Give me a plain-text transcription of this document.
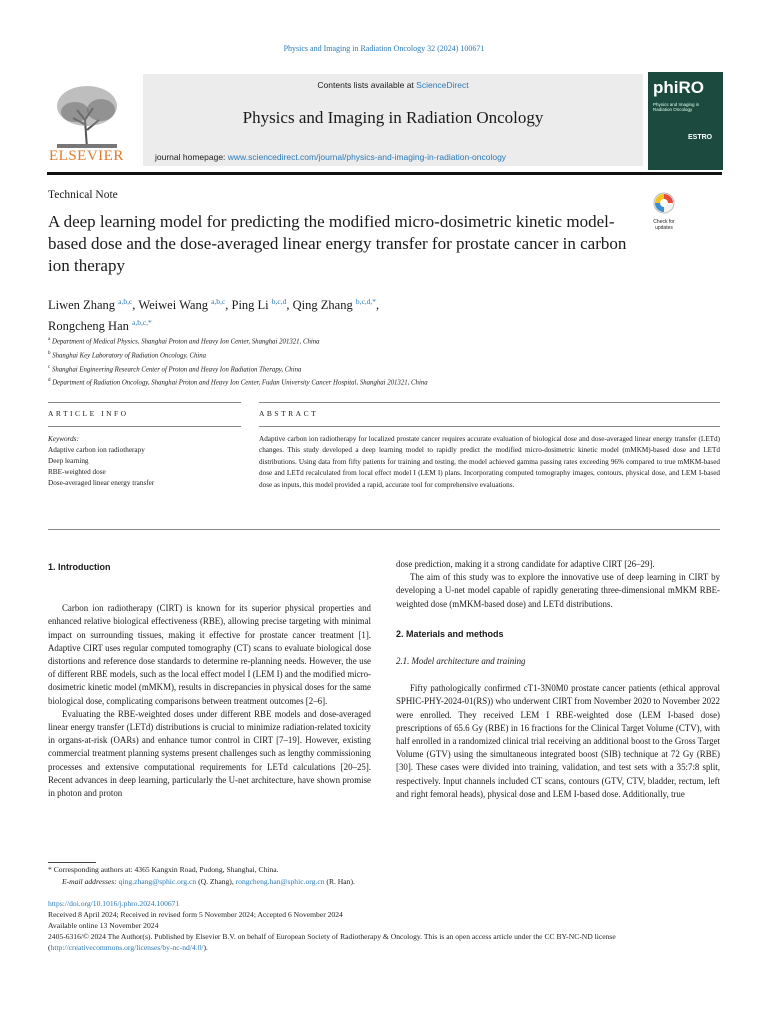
Physics and Imaging in Radiation Oncology 32 (2024) 100671
ELSEVIER
Contents lists available at ScienceDirect
Physics and Imaging in Radiation Oncology
journal homepage: www.sciencedirect.com/journal/physics-and-imaging-in-radiation-oncology
phiRO
Physics and Imaging in Radiation Oncology
ESTRO
Technical Note
A deep learning model for predicting the modified micro-dosimetric kinetic model-based dose and the dose-averaged linear energy transfer for prostate cancer in carbon ion therapy
Check for updates
Liwen Zhang $^{a,b,c}$, Weiwei Wang $^{a,b,c}$, Ping Li $^{b,c,d}$, Qing Zhang $^{b,c,d,*}$,
Rongcheng Han $^{a,b,c,*}$
$^a$ Department of Medical Physics, Shanghai Proton and Heavy Ion Center, Shanghai 201321, China
$^b$ Shanghai Key Laboratory of Radiation Oncology, China
$^c$ Shanghai Engineering Research Center of Proton and Heavy Ion Radiation Therapy, China
$^d$ Department of Radiation Oncology, Shanghai Proton and Heavy Ion Center, Fudan University Cancer Hospital, Shanghai 201321, China
ARTICLE INFO	ABSTRACT
Keywords:
Adaptive carbon ion radiotherapy
Deep learning
RBE-weighted dose
Dose-averaged linear energy transfer
Adaptive carbon ion radiotherapy for localized prostate cancer requires accurate evaluation of biological dose and dose-averaged linear energy transfer (LETd) changes. This study developed a deep learning model to rapidly predict the modified micro-dosimetric kinetic model (mMKM)-based dose and LETd distributions. Using data from fifty patients for training and testing, the model achieved gamma passing rates exceeding 96% compared to true mMKM-based dose and LETd recalculated from local effect model I (LEM I) plans. Incorporating computed tomography images, contours, physical dose, and LEM I-based dose as inputs, this model provided a rapid, accurate tool for comprehensive evaluations.

1. Introduction

Carbon ion radiotherapy (CIRT) is known for its superior physical properties and enhanced relative biological effectiveness (RBE), allowing precise targeting with minimal impact on surrounding tissues, making it effective for prostate cancer treatment [1]. Adaptive CIRT uses regular computed tomography (CT) scans to evaluate biological dose distortions and reference dose standards to determine re-planning needs. However, the use of different RBE models, such as the local effect model I (LEM I) and the modified micro-dosimetric kinetic model (mMKM), results in discrepancies in physical doses for the same biological dose, complicating comparisons between treatment outcomes [2–6].

Evaluating the RBE-weighted doses under different RBE models and dose-averaged linear energy transfer (LETd) distributions is crucial to minimize radiation-related toxicity in organs-at-risk (OARs) and enhance tumor control in CIRT [7–19]. However, existing commercial treatment planning systems present challenges such as lengthy commissioning processes and extensive computational requirements for LETd calculations [20–25]. Recent advances in deep learning, particularly the U-net architecture, have shown promise in photon and proton

dose prediction, making it a strong candidate for adaptive CIRT [26–29].

The aim of this study was to explore the innovative use of deep learning in CIRT by developing a U-net model capable of rapidly generating three-dimensional mMKM RBE-weighted dose (mMKM-based dose) and LETd distributions.

2. Materials and methods

2.1. Model architecture and training

Fifty pathologically confirmed cT1-3N0M0 prostate cancer patients (ethical approval SPHIC-PHY-2024-01(RS)) who underwent CIRT from November 2020 to November 2022 were enrolled. They received LEM I RBE-weighted dose (LEM I-based dose) prescriptions of 65.6 Gy (RBE) in 16 fractions for the Clinical Target Volume (CTV), with half enrolled in a randomized clinical trial receiving an additional boost to the Gross Target Volume (GTV) using the simultaneous integrated boost (SIB) technique at 72 Gy (RBE) [30]. These cases were divided into training, validation, and test sets with a 35:7:8 split, respectively. Input channels included CT scans, contours (GTV, CTV, bladder, rectum, left and right femoral heads), physical dose and LEM I-based dose. Additionally, true

* Corresponding authors at: 4365 Kangxin Road, Pudong, Shanghai, China.
E-mail addresses: qing.zhang@sphic.org.cn (Q. Zhang), rongcheng.han@sphic.org.cn (R. Han).
https://doi.org/10.1016/j.phro.2024.100671
Received 8 April 2024; Received in revised form 5 November 2024; Accepted 6 November 2024
Available online 13 November 2024
2405-6316/© 2024 The Author(s). Published by Elsevier B.V. on behalf of European Society of Radiotherapy & Oncology. This is an open access article under the CC BY-NC-ND license (http://creativecommons.org/licenses/by-nc-nd/4.0/).
